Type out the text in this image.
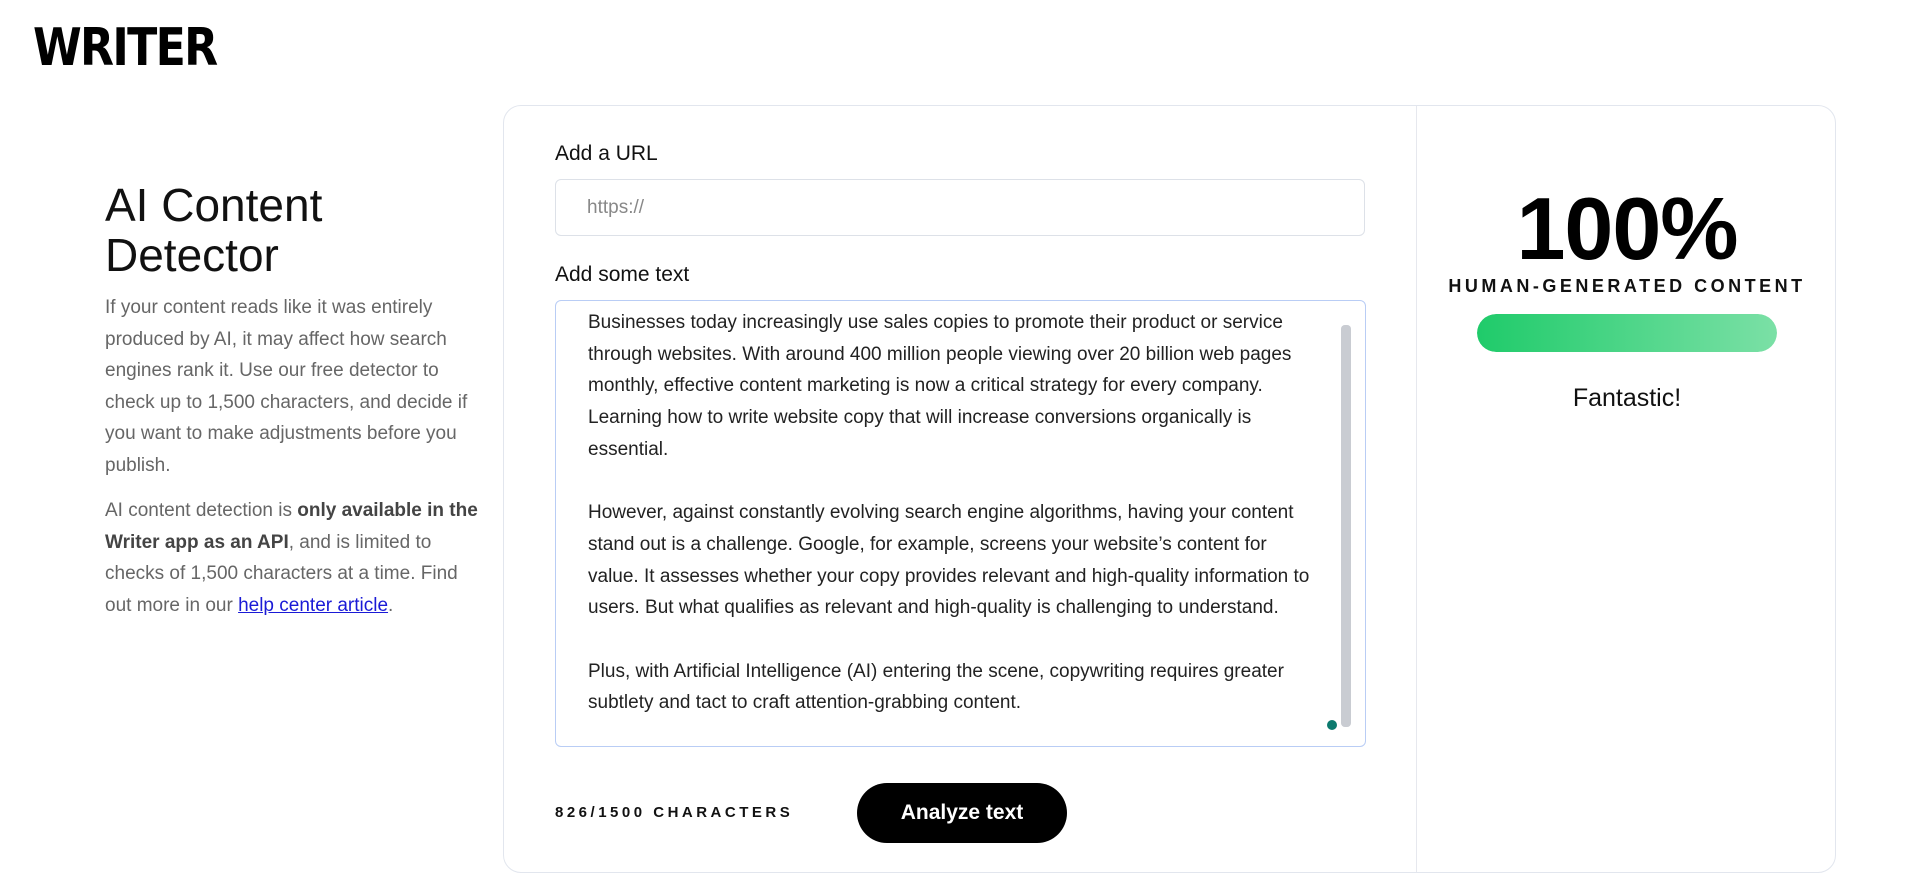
WRITER
AI Content
Detector

If your content reads like it was entirely produced by AI, it may affect how search engines rank it. Use our free detector to check up to 1,500 characters, and decide if you want to make adjustments before you publish.

AI content detection is only available in the Writer app as an API, and is limited to checks of 1,500 characters at a time. Find out more in our help center article.

Add a URL
https://
Add some text

Businesses today increasingly use sales copies to promote their product or service through websites. With around 400 million people viewing over 20 billion web pages monthly, effective content marketing is now a critical strategy for every company. Learning how to write website copy that will increase conversions organically is essential.

However, against constantly evolving search engine algorithms, having your content stand out is a challenge. Google, for example, screens your website’s content for value. It assesses whether your copy provides relevant and high-quality information to users. But what qualifies as relevant and high-quality is challenging to understand.

Plus, with Artificial Intelligence (AI) entering the scene, copywriting requires greater subtlety and tact to craft attention-grabbing content.

826/1500 CHARACTERS	Analyze text
100%
HUMAN-GENERATED CONTENT
Fantastic!
